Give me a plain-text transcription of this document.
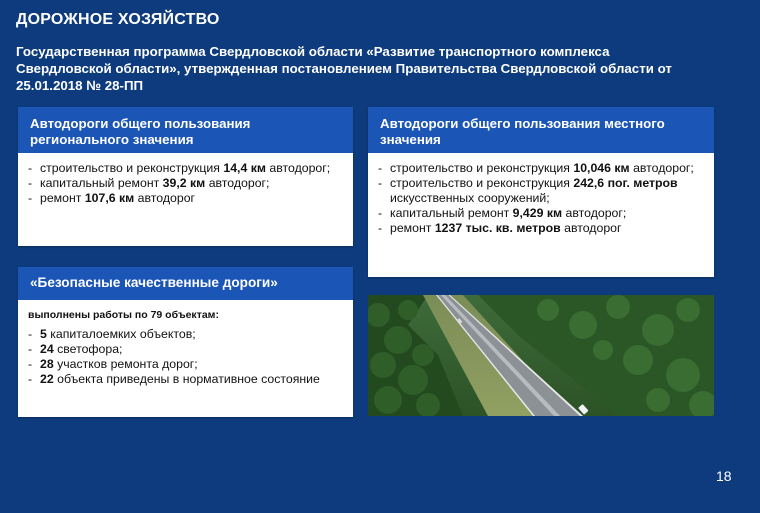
ДОРОЖНОЕ ХОЗЯЙСТВО
Государственная программа Свердловской области «Развитие транспортного комплекса Свердловской области», утвержденная постановлением Правительства Свердловской области от 25.01.2018 № 28-ПП
Автодороги общего пользования регионального значения
- строительство и реконструкция 14,4 км автодорог;
- капитальный ремонт 39,2 км автодорог;
- ремонт 107,6 км автодорог
Автодороги общего пользования местного значения
- строительство и реконструкция 10,046 км автодорог;
- строительство и реконструкция 242,6 пог. метров искусственных сооружений;
- капитальный ремонт 9,429 км автодорог;
- ремонт 1237 тыс. кв. метров автодорог
«Безопасные качественные дороги»
выполнены работы по 79 объектам:
- 5 капиталоемких объектов;
- 24 светофора;
- 28 участков ремонта дорог;
- 22 объекта приведены в нормативное состояние
18
